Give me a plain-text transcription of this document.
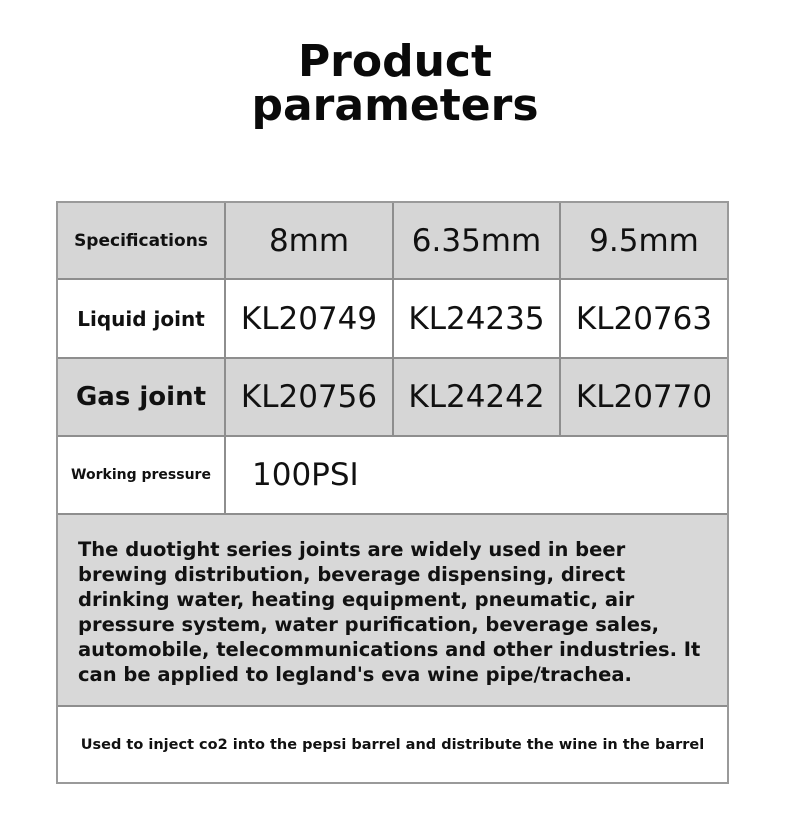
Product
parameters
Specifications 8mm 6.35mm 9.5mm
Liquid joint KL20749 KL24235 KL20763
Gas joint KL20756 KL24242 KL20770
Working pressure 100PSI
The duotight series joints are widely used in beer brewing distribution, beverage dispensing, direct drinking water, heating equipment, pneumatic, air pressure system, water purification, beverage sales, automobile, telecommunications and other industries. It can be applied to legland's eva wine pipe/trachea.
Used to inject co2 into the pepsi barrel and distribute the wine in the barrel
